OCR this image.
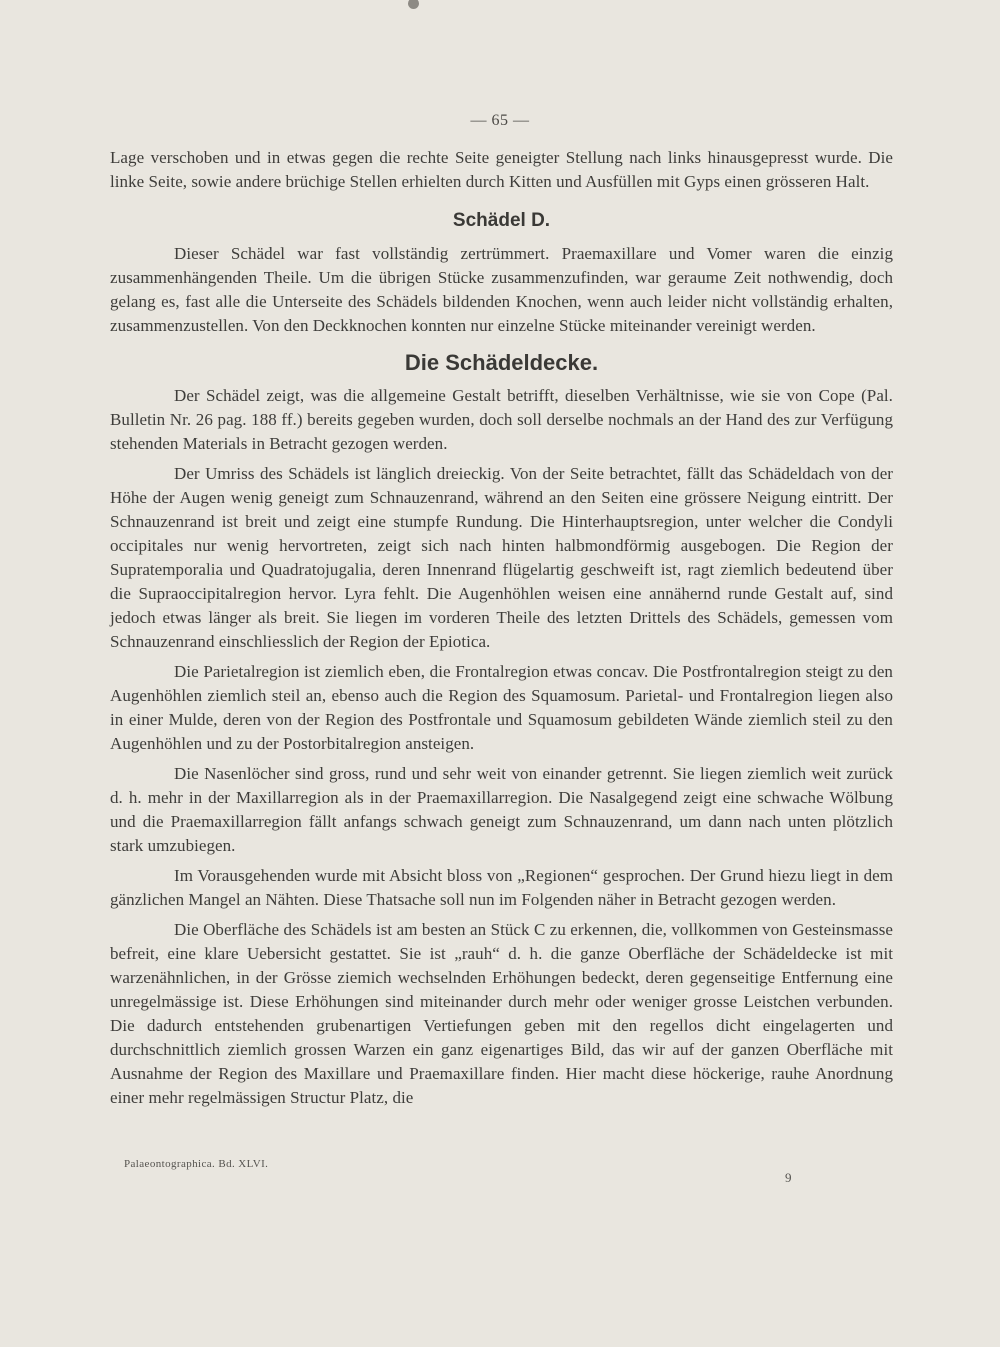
— 65 —

Lage verschoben und in etwas gegen die rechte Seite geneigter Stellung nach links hinausgepresst wurde. Die linke Seite, sowie andere brüchige Stellen erhielten durch Kitten und Ausfüllen mit Gyps einen grösseren Halt.

Schädel D.

Dieser Schädel war fast vollständig zertrümmert. Praemaxillare und Vomer waren die einzig zusammenhängenden Theile. Um die übrigen Stücke zusammenzufinden, war geraume Zeit nothwendig, doch gelang es, fast alle die Unterseite des Schädels bildenden Knochen, wenn auch leider nicht vollständig erhalten, zusammenzustellen. Von den Deckknochen konnten nur einzelne Stücke miteinander vereinigt werden.

Die Schädeldecke.

Der Schädel zeigt, was die allgemeine Gestalt betrifft, dieselben Verhältnisse, wie sie von Cope (Pal. Bulletin Nr. 26 pag. 188 ff.) bereits gegeben wurden, doch soll derselbe nochmals an der Hand des zur Verfügung stehenden Materials in Betracht gezogen werden.

Der Umriss des Schädels ist länglich dreieckig. Von der Seite betrachtet, fällt das Schädeldach von der Höhe der Augen wenig geneigt zum Schnauzenrand, während an den Seiten eine grössere Neigung eintritt. Der Schnauzenrand ist breit und zeigt eine stumpfe Rundung. Die Hinterhauptsregion, unter welcher die Condyli occipitales nur wenig hervortreten, zeigt sich nach hinten halbmondförmig ausgebogen. Die Region der Supratemporalia und Quadratojugalia, deren Innenrand flügelartig geschweift ist, ragt ziemlich bedeutend über die Supraoccipitalregion hervor. Lyra fehlt. Die Augenhöhlen weisen eine annähernd runde Gestalt auf, sind jedoch etwas länger als breit. Sie liegen im vorderen Theile des letzten Drittels des Schädels, gemessen vom Schnauzenrand einschliesslich der Region der Epiotica.

Die Parietalregion ist ziemlich eben, die Frontalregion etwas concav. Die Postfrontalregion steigt zu den Augenhöhlen ziemlich steil an, ebenso auch die Region des Squamosum. Parietal- und Frontalregion liegen also in einer Mulde, deren von der Region des Postfrontale und Squamosum gebildeten Wände ziemlich steil zu den Augenhöhlen und zu der Postorbitalregion ansteigen.

Die Nasenlöcher sind gross, rund und sehr weit von einander getrennt. Sie liegen ziemlich weit zurück d. h. mehr in der Maxillarregion als in der Praemaxillarregion. Die Nasalgegend zeigt eine schwache Wölbung und die Praemaxillarregion fällt anfangs schwach geneigt zum Schnauzenrand, um dann nach unten plötzlich stark umzubiegen.

Im Vorausgehenden wurde mit Absicht bloss von „Regionen“ gesprochen. Der Grund hiezu liegt in dem gänzlichen Mangel an Nähten. Diese Thatsache soll nun im Folgenden näher in Betracht gezogen werden.

Die Oberfläche des Schädels ist am besten an Stück C zu erkennen, die, vollkommen von Gesteinsmasse befreit, eine klare Uebersicht gestattet. Sie ist „rauh“ d. h. die ganze Oberfläche der Schädeldecke ist mit warzenähnlichen, in der Grösse ziemich wechselnden Erhöhungen bedeckt, deren gegenseitige Entfernung eine unregelmässige ist. Diese Erhöhungen sind miteinander durch mehr oder weniger grosse Leistchen verbunden. Die dadurch entstehenden grubenartigen Vertiefungen geben mit den regellos dicht eingelagerten und durchschnittlich ziemlich grossen Warzen ein ganz eigenartiges Bild, das wir auf der ganzen Oberfläche mit Ausnahme der Region des Maxillare und Praemaxillare finden. Hier macht diese höckerige, rauhe Anordnung einer mehr regelmässigen Structur Platz, die

Palaeontographica. Bd. XLVI.
9
